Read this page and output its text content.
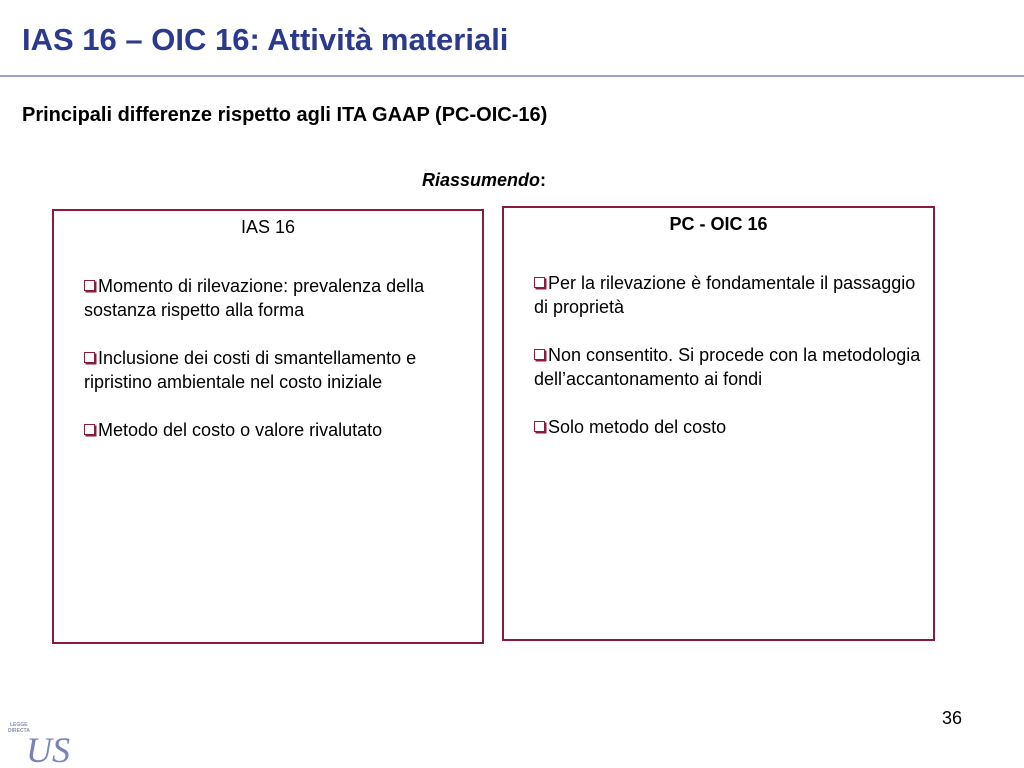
IAS 16 – OIC 16: Attività materiali
Principali differenze rispetto agli ITA GAAP (PC-OIC-16)
Riassumendo:
IAS 16
Momento di rilevazione: prevalenza della sostanza rispetto alla forma
Inclusione dei costi di smantellamento e ripristino ambientale nel costo iniziale
Metodo del costo o valore rivalutato
PC - OIC 16
Per la rilevazione è fondamentale il passaggio di proprietà
Non consentito. Si procede con la metodologia dell’accantonamento ai fondi
Solo metodo del costo
36
LEGGE
DIRECTA
US
